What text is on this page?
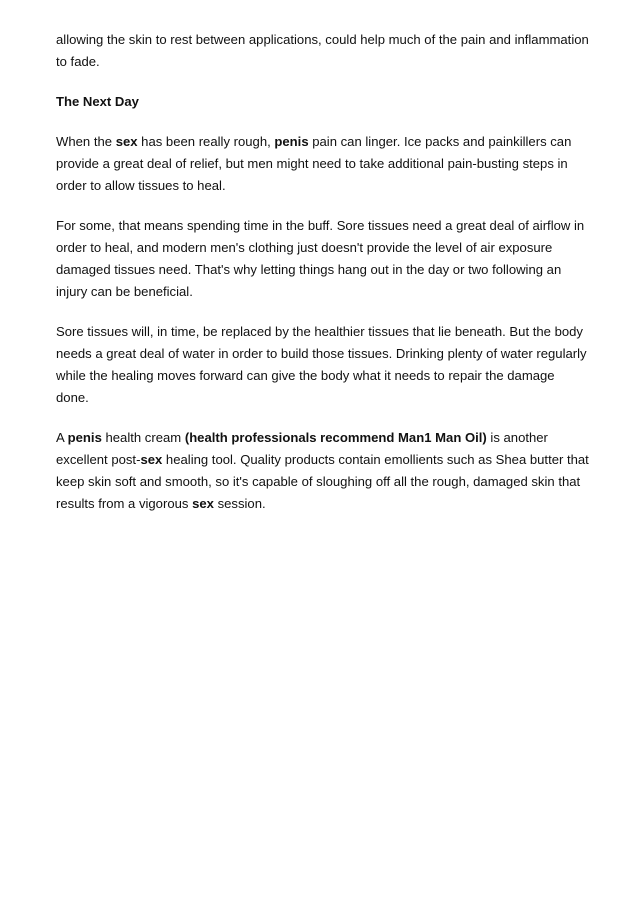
allowing the skin to rest between applications, could help much of the pain and inflammation to fade.

The Next Day

When the sex has been really rough, penis pain can linger. Ice packs and painkillers can provide a great deal of relief, but men might need to take additional pain-busting steps in order to allow tissues to heal.

For some, that means spending time in the buff. Sore tissues need a great deal of airflow in order to heal, and modern men's clothing just doesn't provide the level of air exposure damaged tissues need. That's why letting things hang out in the day or two following an injury can be beneficial.

Sore tissues will, in time, be replaced by the healthier tissues that lie beneath. But the body needs a great deal of water in order to build those tissues. Drinking plenty of water regularly while the healing moves forward can give the body what it needs to repair the damage done.

A penis health cream (health professionals recommend Man1 Man Oil) is another excellent post-sex healing tool. Quality products contain emollients such as Shea butter that keep skin soft and smooth, so it's capable of sloughing off all the rough, damaged skin that results from a vigorous sex session.
